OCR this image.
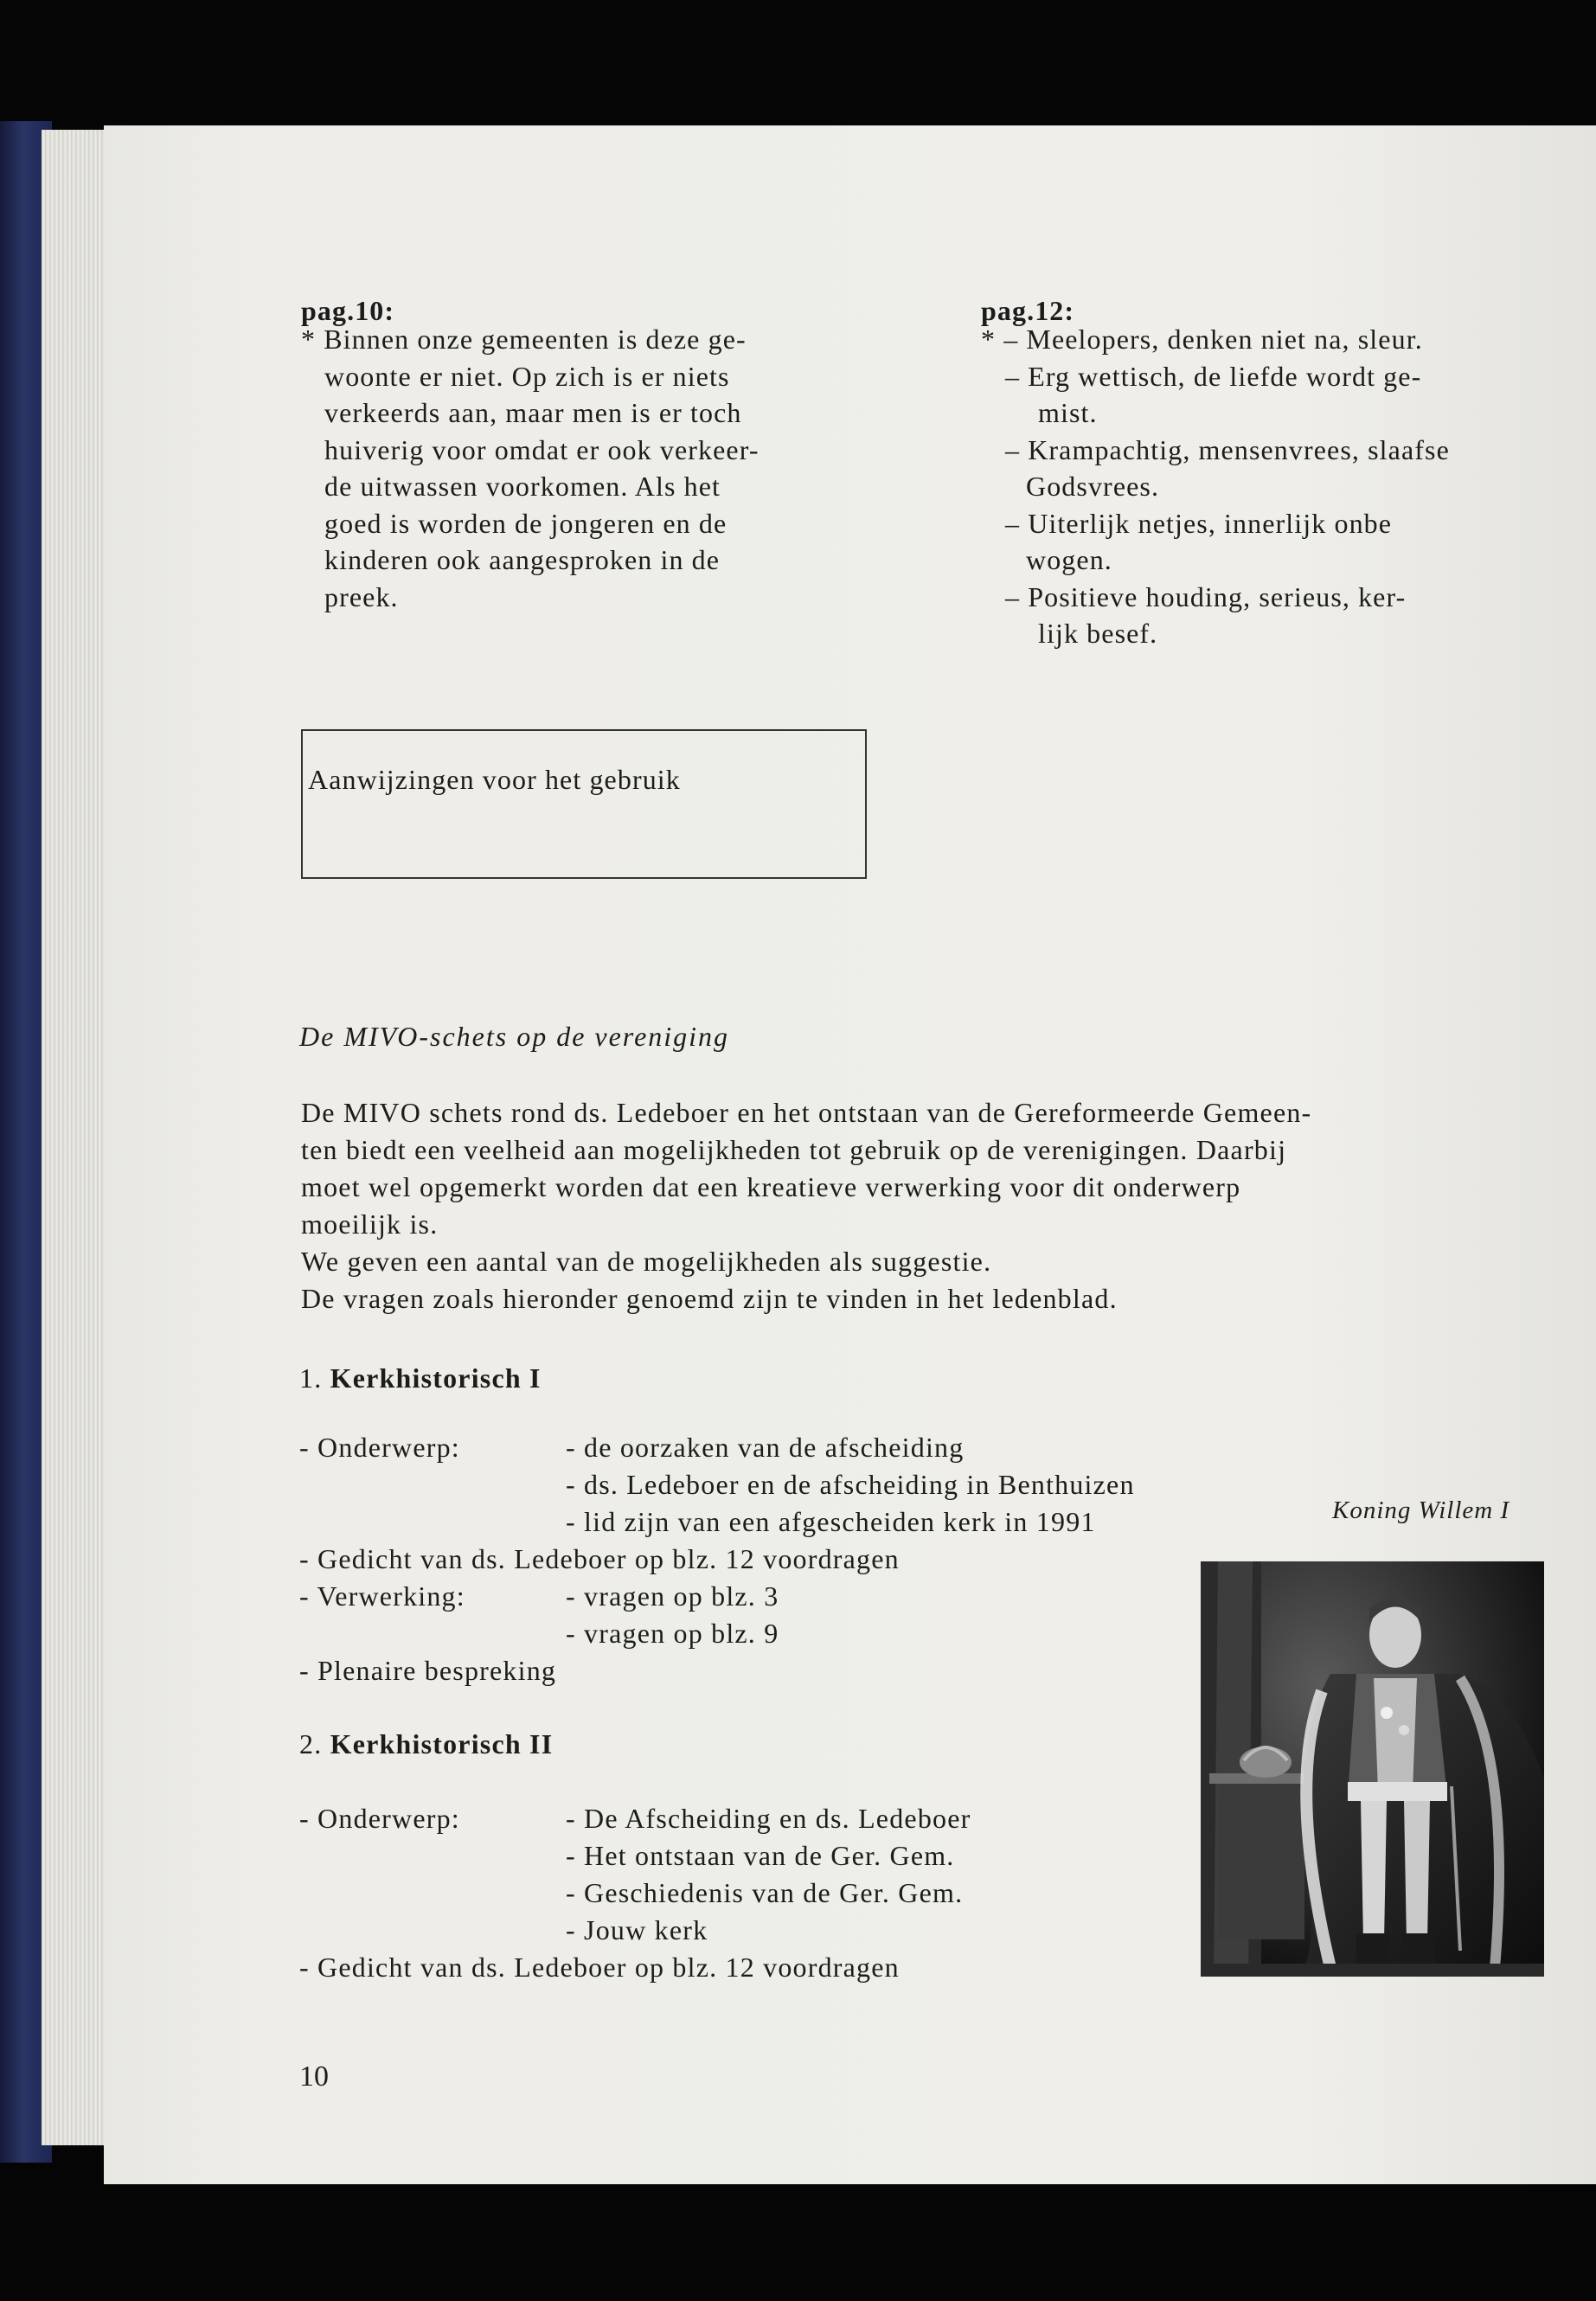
pag.10:

* Binnen onze gemeenten is deze ge-

woonte er niet. Op zich is er niets

verkeerds aan, maar men is er toch

huiverig voor omdat er ook verkeer-

de uitwassen voorkomen. Als het

goed is worden de jongeren en de

kinderen ook aangesproken in de

preek.

pag.12:
* – Meelopers, denken niet na, sleur.
– Erg wettisch, de liefde wordt ge-
mist.
– Krampachtig, mensenvrees, slaafse
Godsvrees.
– Uiterlijk netjes, innerlijk onbe
wogen.
– Positieve houding, serieus, ker-
lijk besef.
Aanwijzingen voor het gebruik
De MIVO-schets op de vereniging

De MIVO schets rond ds. Ledeboer en het ontstaan van de Gereformeerde Gemeen-

ten biedt een veelheid aan mogelijkheden tot gebruik op de verenigingen. Daarbij

moet wel opgemerkt worden dat een kreatieve verwerking voor dit onderwerp

moeilijk is.

We geven een aantal van de mogelijkheden als suggestie.

De vragen zoals hieronder genoemd zijn te vinden in het ledenblad.

1. Kerkhistorisch I
- Onderwerp:	- de oorzaken van de afscheiding
- ds. Ledeboer en de afscheiding in Benthuizen
- lid zijn van een afgescheiden kerk in 1991
- Gedicht van ds. Ledeboer op blz. 12 voordragen
- Verwerking:	- vragen op blz. 3
- vragen op blz. 9
- Plenaire bespreking
2. Kerkhistorisch II
- Onderwerp:	- De Afscheiding en ds. Ledeboer
- Het ontstaan van de Ger. Gem.
- Geschiedenis van de Ger. Gem.
- Jouw kerk
- Gedicht van ds. Ledeboer op blz. 12 voordragen
Koning Willem I
10
